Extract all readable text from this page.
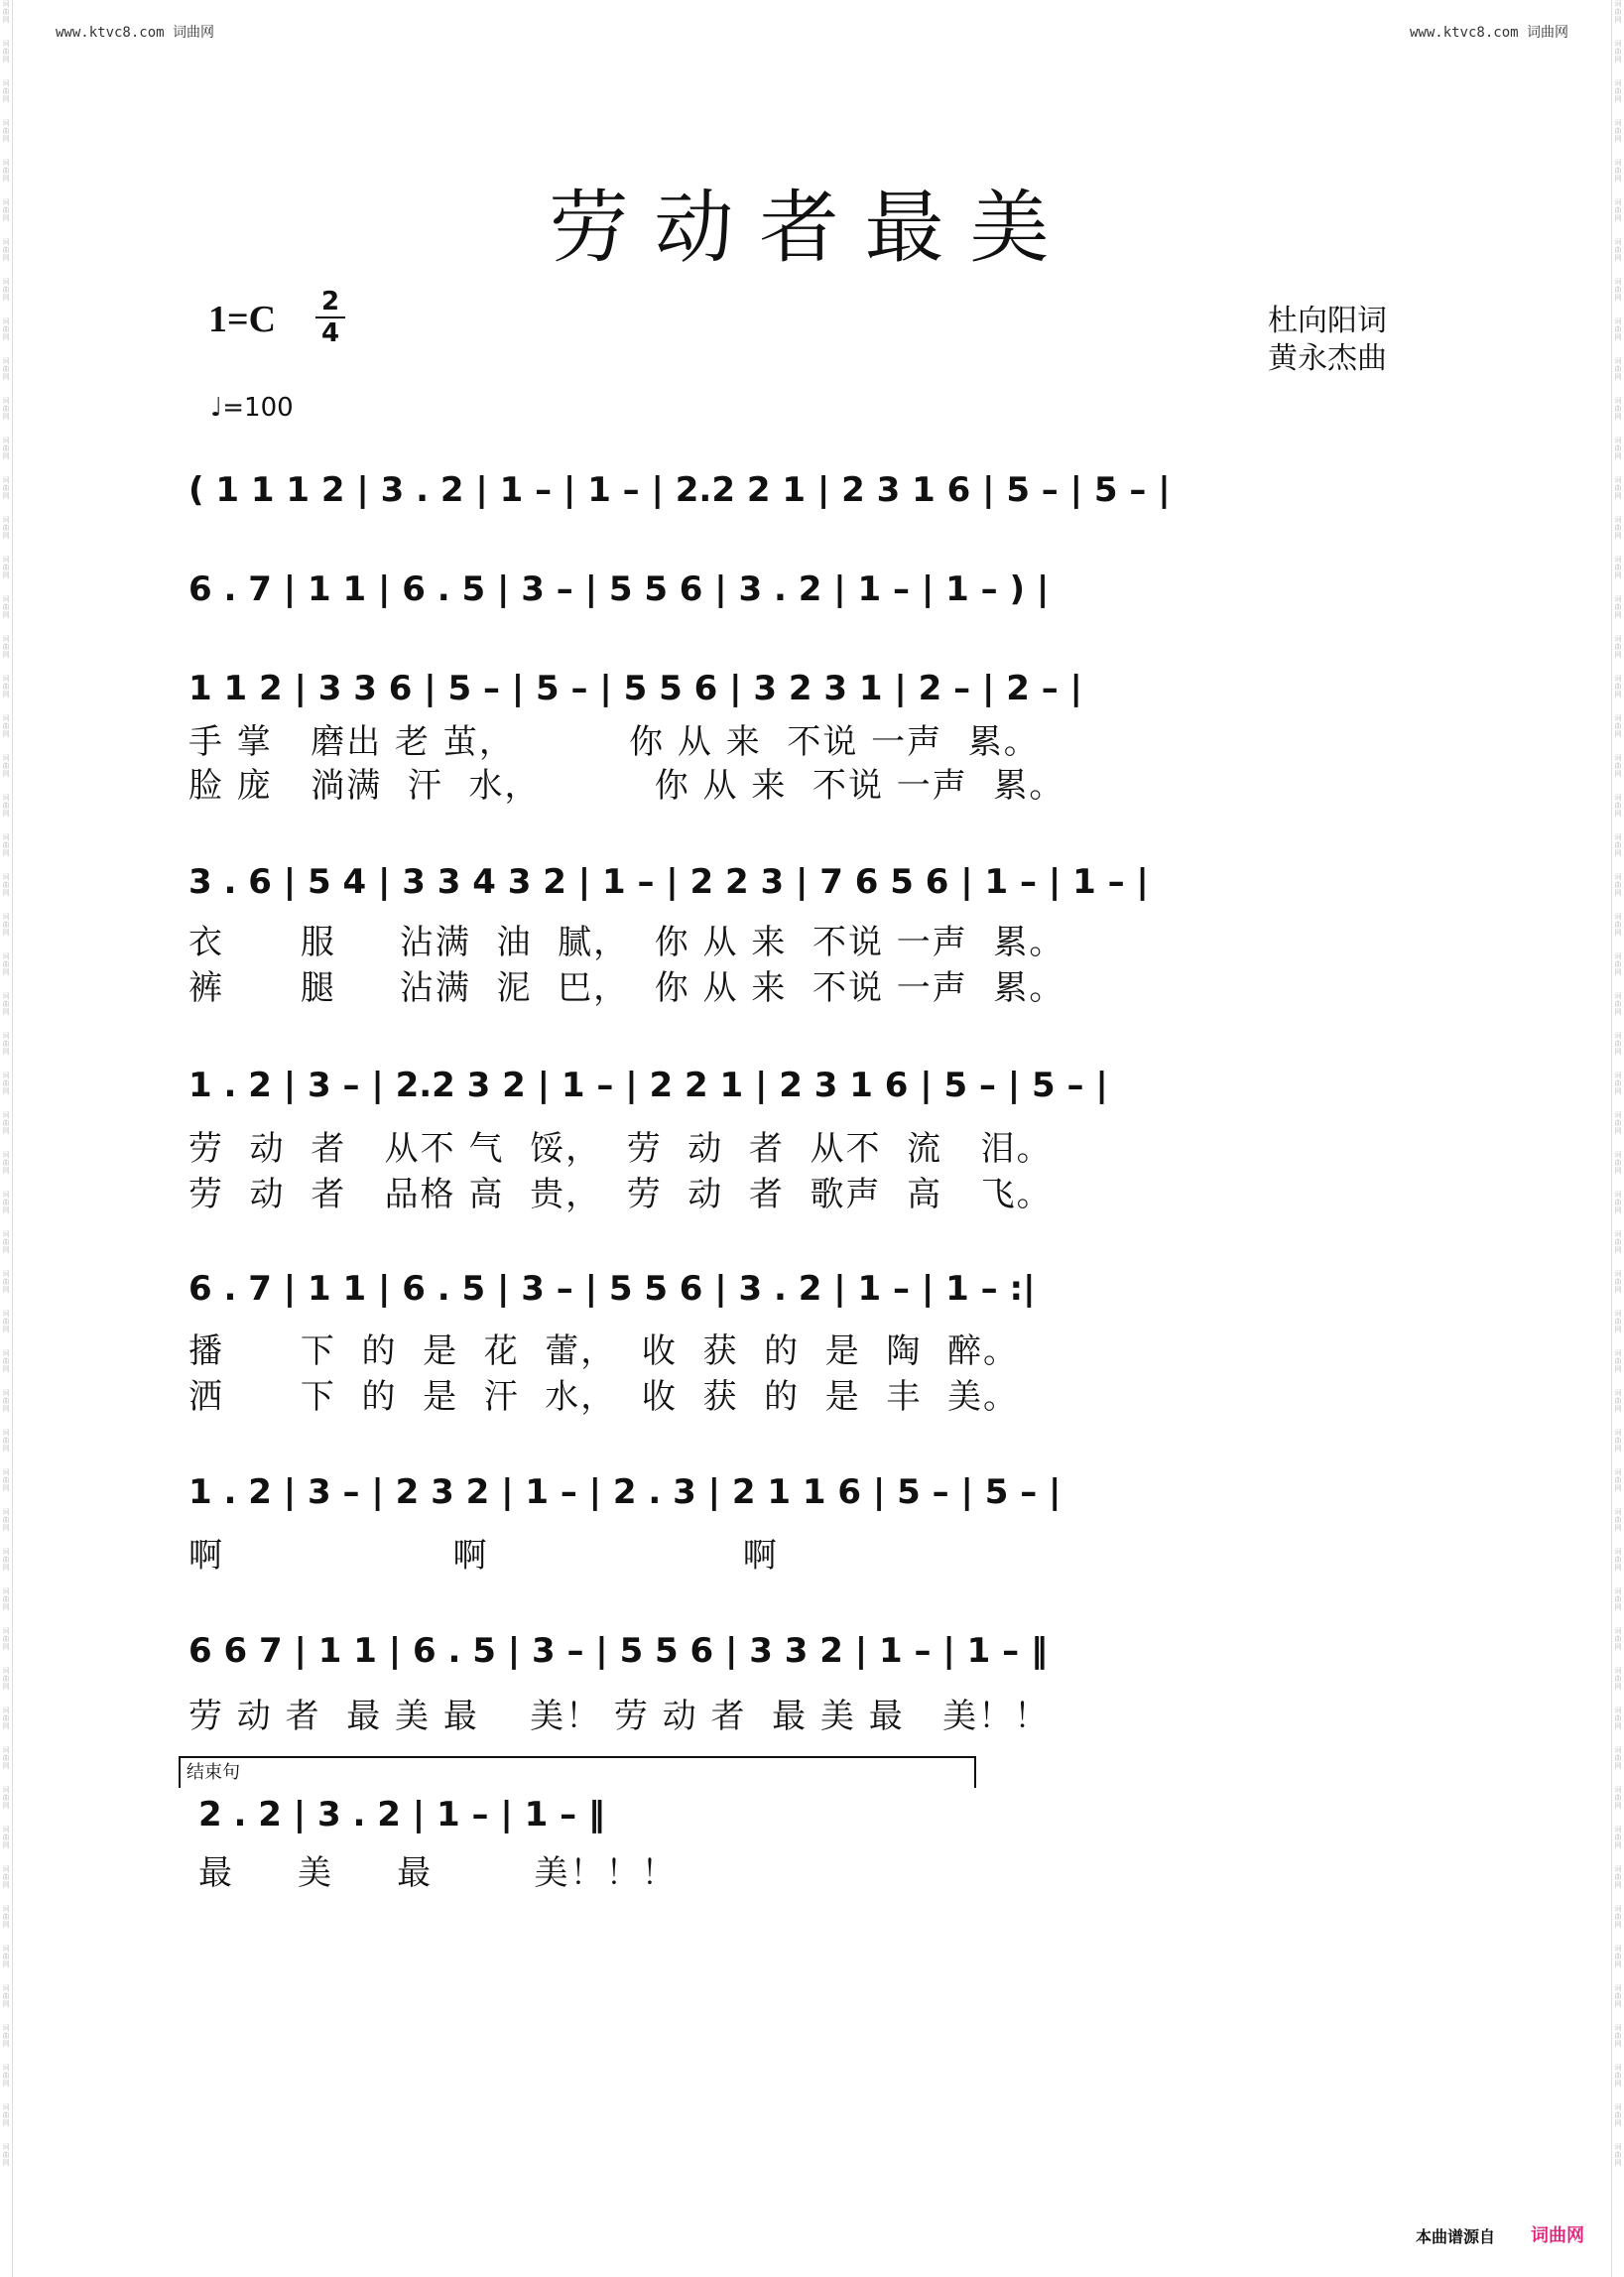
词
曲
网
词
曲
网
词
曲
网
词
曲
网
词
曲
网
词
曲
网
词
曲
网
词
曲
网
词
曲
网
词
曲
网
词
曲
网
词
曲
网
词
曲
网
词
曲
网
词
曲
网
词
曲
网
词
曲
网
词
曲
网
词
曲
网
词
曲
网
词
曲
网
词
曲
网
词
曲
网
词
曲
网
词
曲
网
词
曲
网
词
曲
网
词
曲
网
词
曲
网
词
曲
网
词
曲
网
词
曲
网
词
曲
网
词
曲
网
词
曲
网
词
曲
网
词
曲
网
词
曲
网
词
曲
网
词
曲
网
词
曲
网
词
曲
网
词
曲
网
词
曲
网
词
曲
网
词
曲
网
词
曲
网
词
曲
网
词
曲
网
词
曲
网
词
曲
网
词
曲
网
词
曲
网
词
曲
网
词
曲
网
词
曲
网
词
曲
网
词
曲
网
词
曲
网
词
曲
网
词
曲
网
词
曲
网
词
曲
网
词
曲
网
词
曲
网
词
曲
网
词
曲
网
词
曲
网
词
曲
网
词
曲
网
词
曲
网
词
曲
网
词
曲
网
词
曲
网
词
曲
网
词
曲
网
词
曲
网
词
曲
网
词
曲
网
词
曲
网
词
曲
网
词
曲
网
词
曲
网
词
曲
网
词
曲
网
词
曲
网
词
曲
网
词
曲
网
词
曲
网
词
曲
网
词
曲
网
词
曲
网
词
曲
网
词
曲
网
词
曲
网
词
曲
网
词
曲
网
词
曲
网
词
曲
网
词
曲
网
词
曲
网
词
曲
网
词
曲
网
词
曲
网
词
曲
网
词
曲
网
词
曲
网
词
曲
网
词
曲
网
词
曲
网
www.ktvc8.com 词曲网	www.ktvc8.com 词曲网
劳动者最美
1=C 2
4
♩=100
杜向阳词
黄永杰曲
( 1 1 1 2 | 3 . 2 | 1 – | 1 – | 2.2 2 1 | 2 3 1 6 | 5 – | 5 – |
6 . 7 | 1 1 | 6 . 5 | 3 – | 5 5 6 | 3 . 2 | 1 – | 1 – ) |
1 1 2 | 3 3 6 | 5 – | 5 – | 5 5 6 | 3 2 3 1 | 2 – | 2 – |
手 掌   磨出 老 茧，         你 从 来  不说 一声  累。
脸 庞   淌满  汗  水，         你 从 来  不说 一声  累。
3 . 6 | 5 4 | 3 3 4 3 2 | 1 – | 2 2 3 | 7 6 5 6 | 1 – | 1 – |
衣      服     沾满  油  腻，  你 从 来  不说 一声  累。
裤      腿     沾满  泥  巴，  你 从 来  不说 一声  累。
1 . 2 | 3 – | 2.2 3 2 | 1 – | 2 2 1 | 2 3 1 6 | 5 – | 5 – |
劳  动  者   从不 气  馁，  劳  动  者  从不  流   泪。
劳  动  者   品格 高  贵，  劳  动  者  歌声  高   飞。
6 . 7 | 1 1 | 6 . 5 | 3 – | 5 5 6 | 3 . 2 | 1 – | 1 – :|
播      下  的  是  花  蕾，  收  获  的  是  陶  醉。
洒      下  的  是  汗  水，  收  获  的  是  丰  美。
1 . 2 | 3 – | 2 3 2 | 1 – | 2 . 3 | 2 1 1 6 | 5 – | 5 – |
啊                  啊                    啊
6 6 7 | 1 1 | 6 . 5 | 3 – | 5 5 6 | 3 3 2 | 1 – | 1 – ‖
劳 动 者  最 美 最    美！ 劳 动 者  最 美 最   美！！
结束句
2 . 2 | 3 . 2 | 1 – | 1 – ‖
最     美     最        美！！！
本曲谱源自 词曲网
